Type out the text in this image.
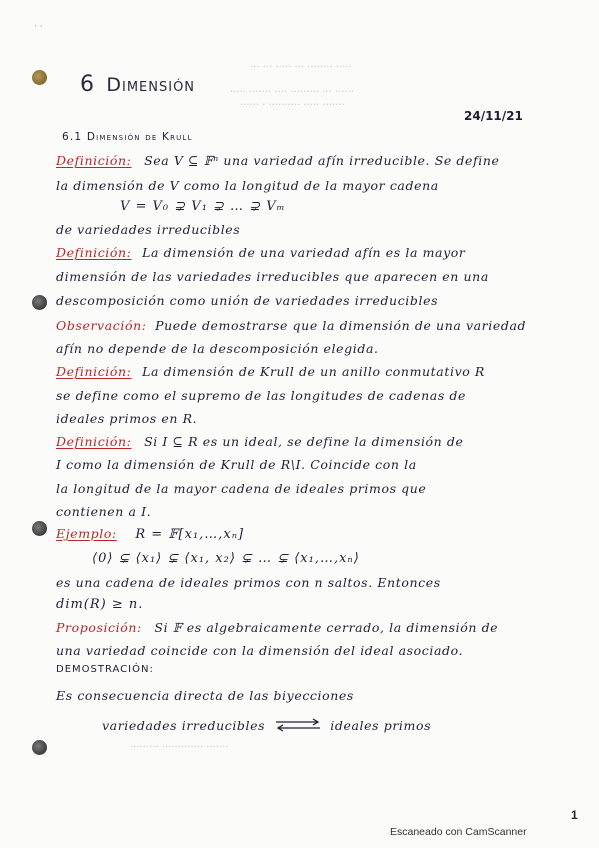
· ·
··· ··· ····· ··· ········ ·····
····· ······· ···· ········· ··· ······
······ · ·········· ····· ·······
6 Dimensión
24/11/21
6.1 Dimensión de Krull
Definición: Sea V ⊆ 𝔽ⁿ una variedad afín irreducible. Se define
la dimensión de V como la longitud de la mayor cadena
V = V₀ ⊋ V₁ ⊋ … ⊋ Vₘ
de variedades irreducibles
Definición: La dimensión de una variedad afín es la mayor
dimensión de las variedades irreducibles que aparecen en una
descomposición como unión de variedades irreducibles
Observación: Puede demostrarse que la dimensión de una variedad
afín no depende de la descomposición elegida.
Definición: La dimensión de Krull de un anillo conmutativo R
se define como el supremo de las longitudes de cadenas de
ideales primos en R.
Definición: Si I ⊆ R es un ideal, se define la dimensión de
I como la dimensión de Krull de R\I. Coincide con la
la longitud de la mayor cadena de ideales primos que
contienen a I.
Ejemplo: R = 𝔽[x₁,…,xₙ]
⟨0⟩ ⊊ ⟨x₁⟩ ⊊ ⟨x₁, x₂⟩ ⊊ … ⊊ ⟨x₁,…,xₙ⟩
es una cadena de ideales primos con n saltos. Entonces
dim(R) ≥ n.
Proposición: Si 𝔽 es algebraicamente cerrado, la dimensión de
una variedad coincide con la dimensión del ideal asociado.
DEMOSTRACIÓN:
Es consecuencia directa de las biyecciones
variedades irreducibles	ideales primos
········· ············· ·······
1
Escaneado con CamScanner
